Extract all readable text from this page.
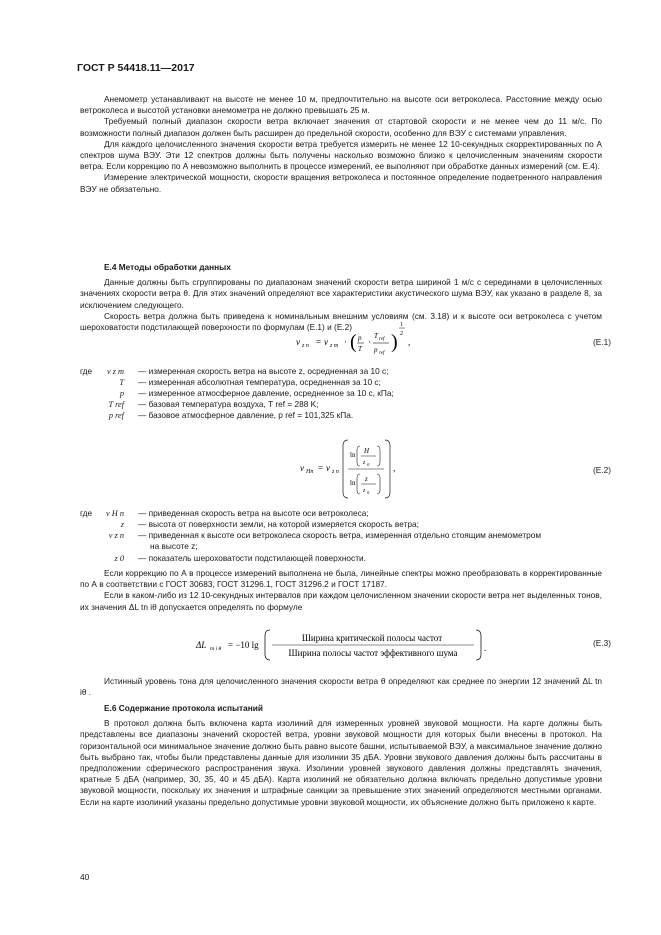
ГОСТ Р 54418.11—2017

Анемометр устанавливают на высоте не менее 10 м, предпочтительно на высоте оси ветроколеса. Расстояние между осью ветроколеса и высотой установки анемометра не должно превышать 25 м.

Требуемый полный диапазон скорости ветра включает значения от стартовой скорости и не менее чем до 11 м/с. По возможности полный диапазон должен быть расширен до предельной скорости, особенно для ВЭУ с системами управления.

Для каждого целочисленного значения скорости ветра требуется измерить не менее 12 10-секундных скорректированных по А спектров шума ВЭУ. Эти 12 спектров должны быть получены насколько возможно близко к целочисленным значениям скорости ветра. Если коррекцию по А невозможно выполнить в процессе измерений, ее выполняют при обработке данных измерений (см. Е.4).

Измерение электрической мощности, скорости вращения ветроколеса и постоянное определение подветренного направления ВЭУ не обязательно.

Е.4 Методы обработки данных

Данные должны быть сгруппированы по диапазонам значений скорости ветра шириной 1 м/с с серединами в целочисленных значениях скорости ветра θ. Для этих значений определяют все характеристики акустического шума ВЭУ, как указано в разделе 8, за исключением следующего.

Скорость ветра должна быть приведена к номинальным внешним условиям (см. 3.18) и к высоте оси ветроколеса с учетом шероховатости подстилающей поверхности по формулам (Е.1) и (Е.2)

v z n = v z m · ( p
T
·
T ref
p ref
)
1
2
,	(Е.1)
где	v z m — измеренная скорость ветра на высоте z, осредненная за 10 с;
T — измеренная абсолютная температура, осредненная за 10 с;
p — измеренное атмосферное давление, осредненное за 10 с, кПа;
T ref — базовая температура воздуха, T ref = 288 K;
p ref — базовое атмосферное давление, p ref = 101,325 кПа.
v Hn = v z n
ln H
z 0
ln z
z 0
,	(Е.2)
где	v H n — приведенная скорость ветра на высоте оси ветроколеса;
z — высота от поверхности земли, на которой измеряется скорость ветра;
v z n — приведенная к высоте оси ветроколеса скорость ветра, измеренная отдельно стоящим анемометром
на высоте z;
z 0 — показатель шероховатости подстилающей поверхности.

Если коррекцию по А в процессе измерений выполнена не была, линейные спектры можно преобразовать в корректированные по А в соответствии с ГОСТ 30683, ГОСТ 31296.1, ГОСТ 31296.2 и ГОСТ 17187.

Если в каком-либо из 12 10-секундных интервалов при каждом целочисленном значении скорости ветра нет выделенных тонов, их значения ΔL tn iθ допускается определять по формуле

ΔL tn i θ = −10 lg
Ширина критической полосы частот
Ширина полосы частот эффективного шума	.	(Е.3)

Истинный уровень тона для целочисленного значения скорости ветра θ определяют как среднее по энергии 12 значений ΔL tn iθ .

Е.6 Содержание протокола испытаний

В протокол должна быть включена карта изолиний для измеренных уровней звуковой мощности. На карте должны быть представлены все диапазоны значений скоростей ветра, уровни звуковой мощности для которых были внесены в протокол. На горизонтальной оси минимальное значение должно быть равно высоте башни, испытываемой ВЭУ, а максимальное значение должно быть выбрано так, чтобы были представлены данные для изолинии 35 дБА. Уровни звукового давления должны быть рассчитаны в предположении сферического распространения звука. Изолинии уровней звукового давления должны представлять значения, кратные 5 дБА (например, 30, 35, 40 и 45 дБА). Карта изолиний не обязательно должна включать предельно допустимые уровни звуковой мощности, поскольку их значения и штрафные санкции за превышение этих значений определяются местными органами. Если на карте изолиний указаны предельно допустимые уровни звуковой мощности, их объяснение должно быть приложено к карте.

40
